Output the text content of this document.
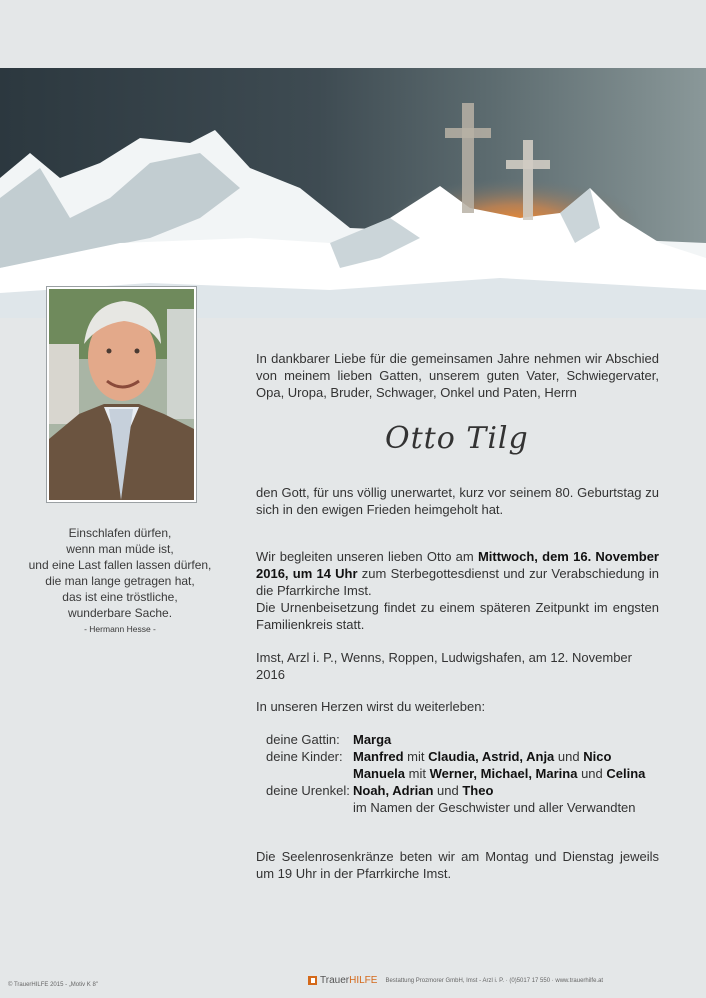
Einschlafen dürfen,
wenn man müde ist,
und eine Last fallen lassen dürfen,
die man lange getragen hat,
das ist eine tröstliche,
wunderbare Sache.
- Hermann Hesse -
In dankbarer Liebe für die gemeinsamen Jahre nehmen wir Abschied von meinem lieben Gatten, unserem guten Vater, Schwiegervater, Opa, Uropa, Bruder, Schwager, Onkel und Paten, Herrn
Otto Tilg
den Gott, für uns völlig unerwartet, kurz vor seinem 80. Geburtstag zu sich in den ewigen Frieden heimgeholt hat.
Wir begleiten unseren lieben Otto am Mittwoch, dem 16. November 2016, um 14 Uhr zum Sterbegottesdienst und zur Verabschiedung in die Pfarrkirche Imst.
Die Urnenbeisetzung findet zu einem späteren Zeitpunkt im engsten Familienkreis statt.
Imst, Arzl i. P., Wenns, Roppen, Ludwigshafen, am 12. November 2016
In unseren Herzen wirst du weiterleben:
deine Gattin:	Marga
deine Kinder: Manfred mit Claudia, Astrid, Anja und Nico
Manuela mit Werner, Michael, Marina und Celina
deine Urenkel: Noah, Adrian und Theo
im Namen der Geschwister und aller Verwandten
Die Seelenrosenkränze beten wir am Montag und Dienstag jeweils um 19 Uhr in der Pfarrkirche Imst.
© TrauerHILFE 2015 - „Motiv K 8"	TrauerHILFE Bestattung Prozmorer GmbH, Imst - Arzl i. P. · (0)5017 17 550 · www.trauerhilfe.at
